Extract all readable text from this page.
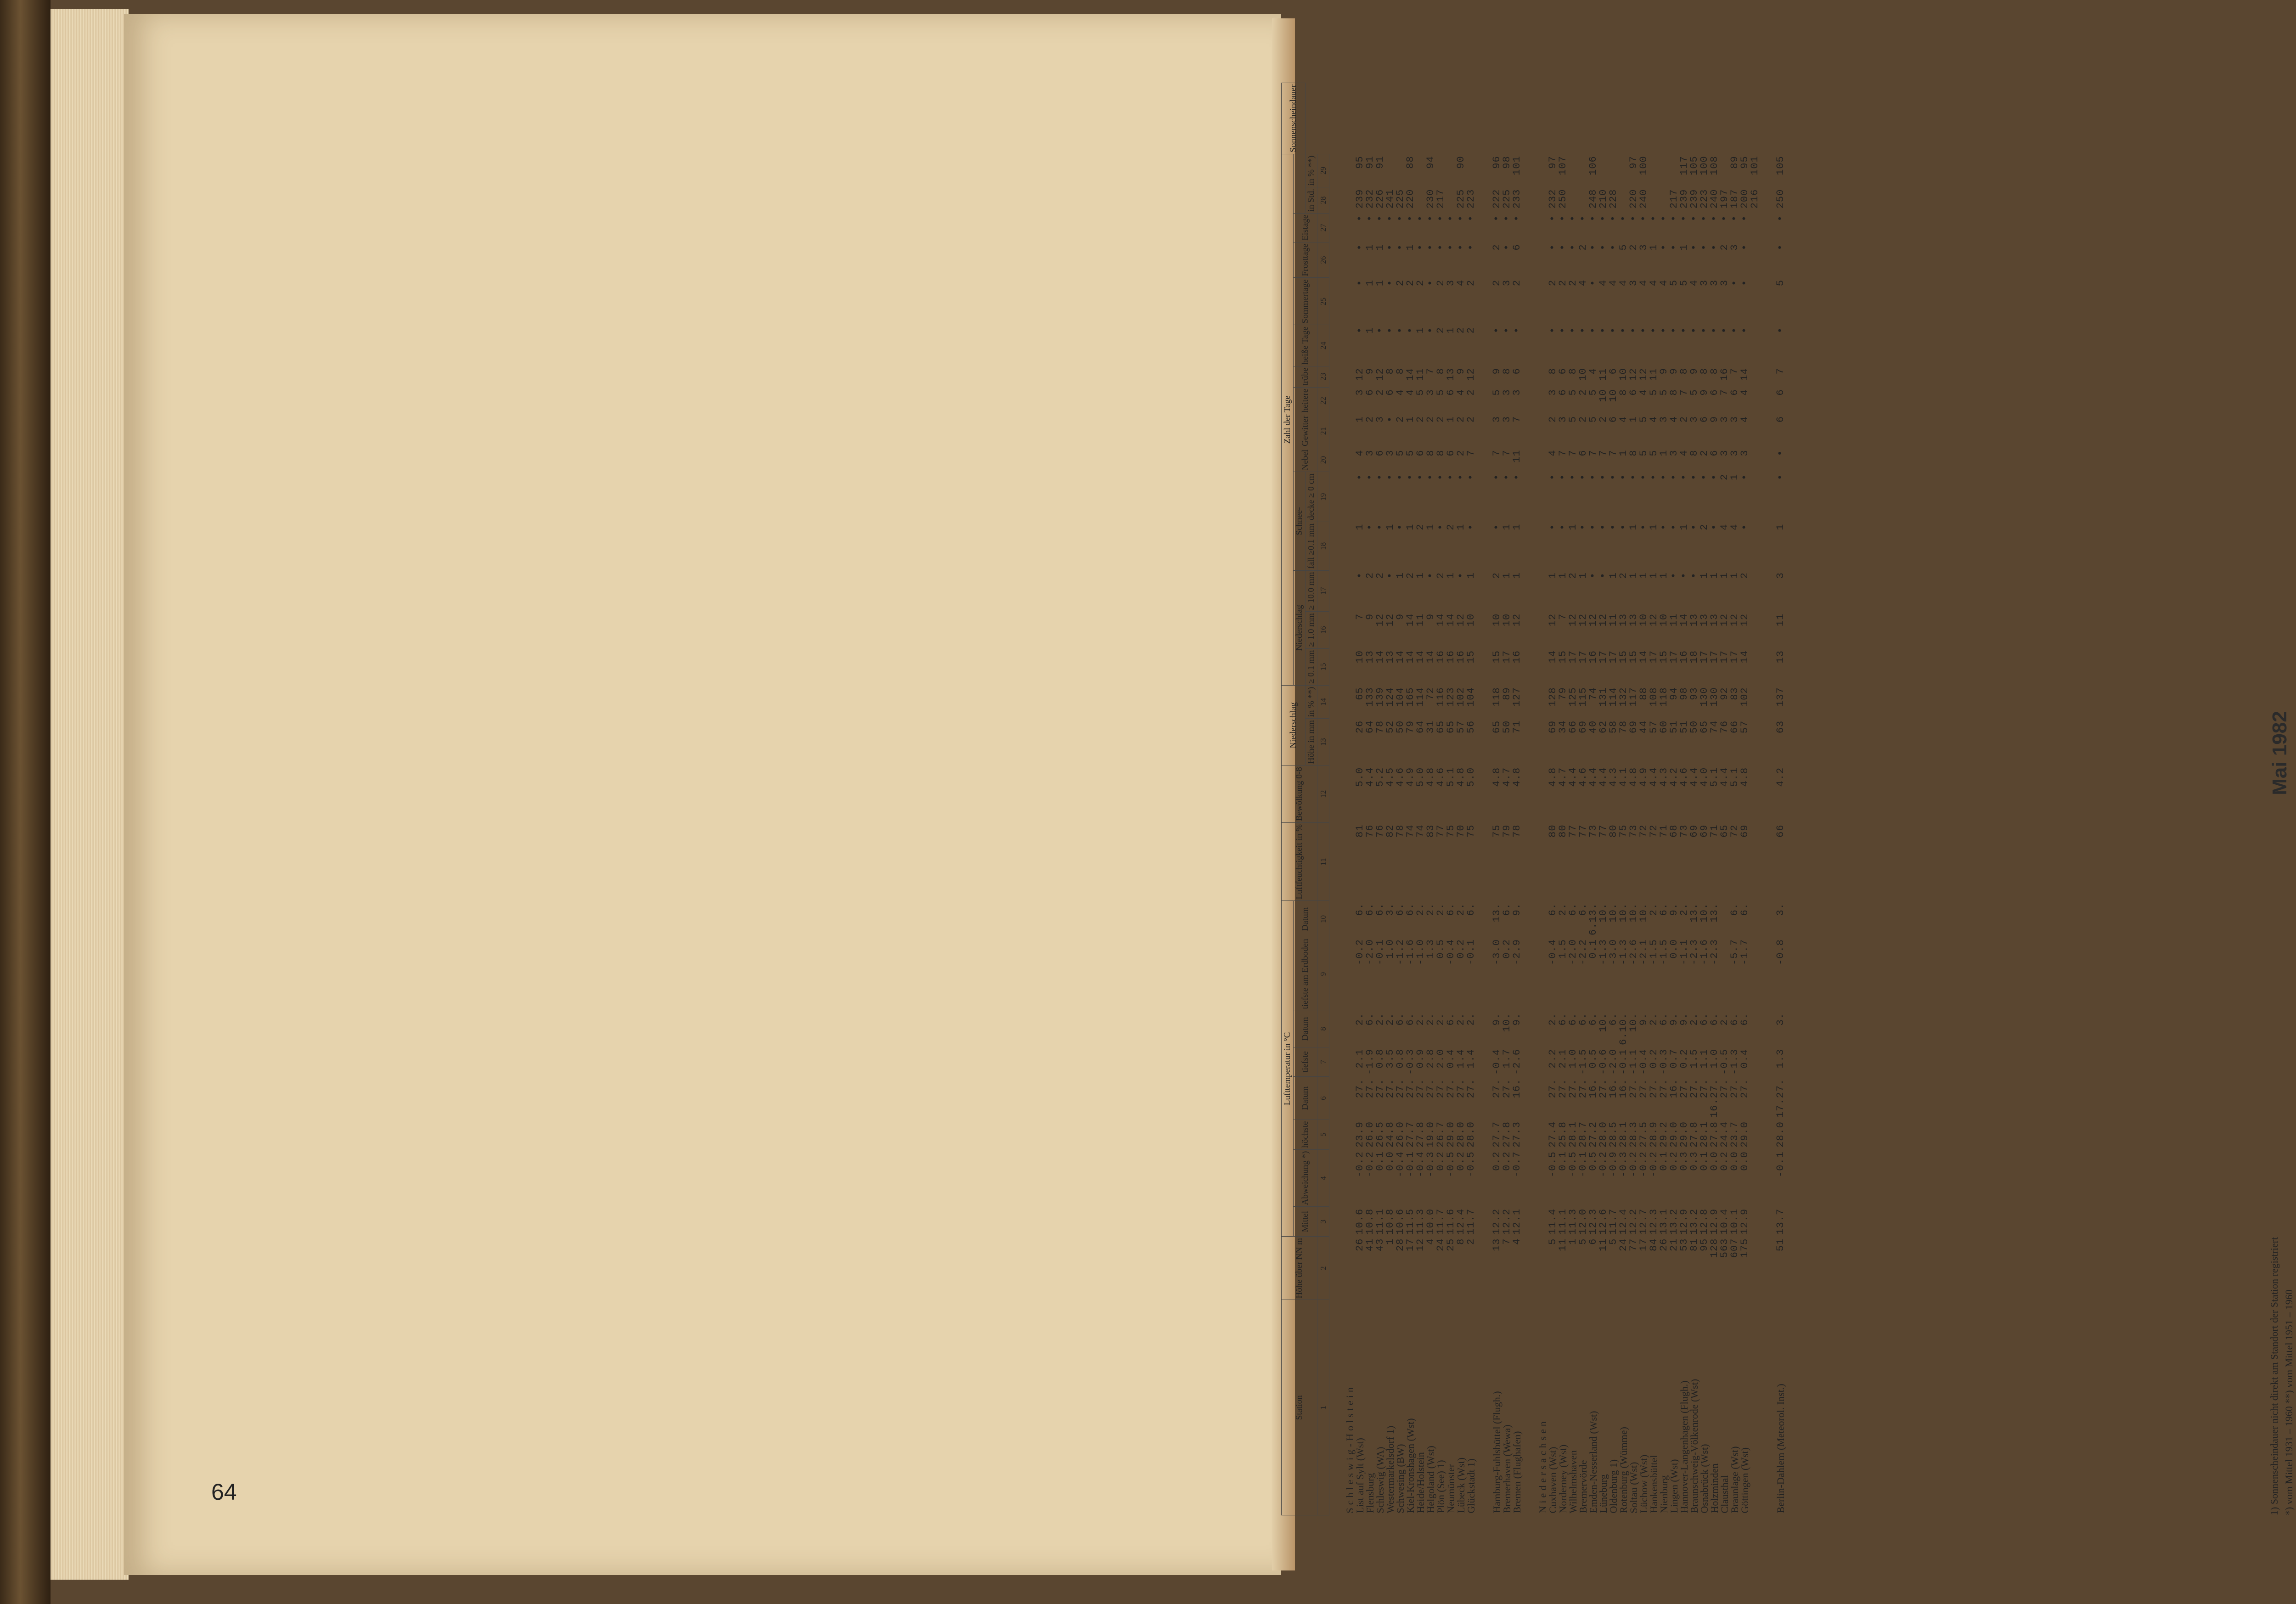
64
Mai 1982
Station	Höhe über NN m	Lufttemperatur in °C								Luftfeuchtigkeit in %	Bewölkung 0-8	Niederschlag		Zahl der Tage															Sonnenscheindauer
		Mittel	Abweichung *)	höchste	Datum	tiefste	Datum	tiefste am Erdboden	Datum					Niederschlag			Schnee-		Nebel	Gewitter	heitere	trübe	heiße Tage	Sommertage	Frosttage	Eistage			
												Höhe in mm	in % **)	≥ 0.1 mm	≥ 1.0 mm	≥ 10.0 mm	fall ≥0.1 mm	decke ≥ 0 cm									in Std.	in % **)	
1	2	3	4	5	6	7	8	9	10	11	12	13	14	15	16	17	18	19	20	21	22	23	24	25	26	27	28	29	

Schleswig-Holstein																													
List auf Sylt (Wst)	26	10.6	-0.2	23.9	27.	2.1	2.	-0.2	6.	81	5.0	26	65	10	7	•	1	•	4	1	3	12	•	•	•	•	239	95	
Flensburg	41	10.8	-0.2	26.0	27.	-1.9	6.	-2.0	6.	76	4.4	64	133	13	9	2	•	•	3	2	6	9	1	1	1	•	232	91	
Schleswig (WA)	43	11.1	0.1	26.5	27.	0.8	2.	-0.1	6.	76	5.2	78	139	14	12	2	•	•	6	3	2	12	•	1	1	•	226	91	
Westermarkelsdorf 1)	1	10.8	0.0	24.8	27.	3.5	2.	1.0	3.	82	4.5	52	124	13	12	•	1	•	3	•	6	8	•	•	•	•	241		
Schwesing (BW)	28	10.6	-0.4	26.0	27.	0.8	6.	-1.2	6.	78	4.6	50	104	14	9	1	•	•	5	2	4	8	•	2	•	•	225		
Kiel-Kronshagen (Wst)	17	11.5	-0.1	27.7	27.	-0.3	6.	-1.6	6.	74	4.9	79	165	14	14	2	1	•	5	1	4	14	•	2	1	•	220	88	
Heide/Holstein	12	11.3	-0.4	27.8	27.	0.9	2.	-1.0	2.	74	5.0	64	114	14	11	1	2	•	6	2	5	11	1	2	•	•			
Helgoland (Wst)	4	10.0	-0.3	19.0	27.	2.8	2.	1.3	2.	83	4.8	31	72	14	9	•	1	•	8	2	3	7	•	•	•	•	230	94	
Plön (See) 1)	24	11.7	0.2	26.7	27.	2.0	2.	0.5	2.	77	4.6	65	116	16	14	2	•	•	8	2	5	8	2	2	•	•	217		
Neumünster	25	11.6	-0.5	29.0	27.	0.4	6.	-0.4	6.	75	5.1	65	123	16	14	1	2	•	6	1	6	13	1	3	•	•			
Lübeck (Wst)	8	12.4	0.2	28.0	27.	1.4	2.	0.2	2.	70	4.8	57	102	16	12	•	1	•	2	2	4	9	2	4	•	•	225	90	
Glückstadt 1)	2	11.7	-0.5	28.0	27.	1.4	2.	-0.1	6.	75	5.0	56	104	15	10	1	•	•	7	2	2	12	2	2	•	•	223		

Hamburg-Fuhlsbüttel (Flugh.)	13	12.2	0.2	27.7	27.	-0.4	9.	-3.0	13.	75	4.8	65	118	15	10	2	•	•	7	3	5	9	•	2	2	•	222	96	
Bremerhaven (Wewa)	7	12.2	0.2	27.8	27.	1.7	10.	0.2	6.	79	4.7	50	89	17	10	1	1	•	7	3	3	8	•	3	•	•	225	98	
Bremen (Flughafen)	4	12.1	-0.7	27.3	16.	-2.6	9.	-2.9	9.	78	4.8	71	127	16	12	1	1	•	11	7	3	6	•	2	6	•	233	101	

Niedersachsen																													
Cuxhaven (Wst)	5	11.4	-0.5	27.4	27.	2.2	2.	-0.4	6.	80	4.8	69	128	14	12	1	•	•	4	2	3	8	•	2	•	•	232	97	
Norderney (Wst)	11	11.1	0.1	25.8	27.	2.1	6.	1.5	2.	80	4.7	34	79	15	7	1	•	•	7	3	6	6	•	2	•	•	250	107	
Wilhelmshaven	1	11.3	-0.5	28.1	27.	1.0	6.	-2.0	6.	77	4.4	66	125	17	12	2	1	•	7	5	5	8	•	2	•	•			
Bremervörde	5	12.0	-0.1	28.7	27.	-1.5	6.	-2.2	6.	77	4.6	69	115	17	12	1	•	•	6	2	2	10	•	4	2	•			
Emden-Nesserland (Wst)	6	12.3	0.5	27.2	16.	0.5	6.	0.1	6.13.	73	4.4	40	74	16	12	•	•	•	7	5	5	4	•	•	•	•	248	106	
Lüneburg	11	12.6	-0.2	28.0	27.	-0.6	10.	-1.3	10.	77	4.4	62	131	17	12	•	•	•	7	2	10	11	•	4	•	•	210		
Oldenburg 1)	5	11.7	-0.9	28.5	16.	-2.0	6.	-3.0	10.	80	4.3	58	114	17	11	1	•	•	7	6	10	6	•	4	•	•	228		
Rotenburg (Wümme)	24	12.4	-0.3	28.1	16.	-0.1	6.10.	-1.3	10.	75	4.1	78	132	15	13	2	•	•	1	4	8	10	•	4	5	•			
Soltau (Wst)	77	12.2	-0.2	28.3	27.	-1.1	10.	-2.6	10.	73	4.8	69	117	15	13	1	1	•	8	1	6	12	•	3	2	•	220	97	
Lüchow (Wst)	17	12.7	-0.2	27.5	27.	-0.4	9.	-2.1	10.	72	4.9	44	88	14	10	1	•	•	5	5	4	12	•	4	3	•	240	100	
Hankensbüttel	84	12.3	-0.2	28.9	27.	0.2	2.	-1.5	2.	72	4.4	57	108	17	12	1	1	•	5	4	5	11	•	4	1	•			
Nienburg	26	13.1	0.1	29.2	27.	-0.3	6.	-1.5	6.	71	4.3	60	118	15	10	1	•	•	1	3	5	9	•	4	•	•			
Lingen (Wst)	21	13.2	0.2	29.0	16.	0.7	9.	0.0	9.	68	4.2	51	94	17	11	•	•	•	3	4	8	9	•	5	•	•	217		
Hannover-Langenhagen (Flugh.)	53	12.9	0.3	29.0	27.	0.2	9.	-1.1	2.	73	4.6	51	98	16	14	•	1	•	4	2	7	8	•	5	1	•	239	117	
Braunschweig-Völkenrode (Wst)	81	13.2	0.3	27.8	27.	1.5	2.	-2.3	13.	69	4.4	50	93	18	13	•	•	•	8	3	5	9	•	4	•	•	239	105	
Osnabrück (Wst)	95	12.8	0.1	28.1	27.	1.1	6.	-1.6	10.	69	4.0	65	130	17	13	1	2	•	2	6	9	8	•	3	•	•	223	100	
Holzminden	128	12.9	0.0	27.8	16.27.	1.0	6.	-2.3	13.	71	5.1	74	130	17	13	1	•	•	6	9	6	8	•	3	•	•	240	108	
Clausthal	563	10.4	0.2	24.4	27.	-0.5	2.			65	4.4	76	92	17	12	1	4	2	3	3	7	16	•	3	2	•	197		
Braunlage (Wst)	607	10.1	0.0	23.7	27.	-1.3	6.	-5.7	6.	72	5.1	66	83	17	12	1	4	1	3	3	6	7	•	•	3	•	187	89	
Göttingen (Wst)	175	12.9	0.0	29.0	27.	0.4	6.	-1.7	6.	69	4.8	57	102	14	12	2	•	•	3	4	4	14	•	•	•	•	200	95	
																											216	101	

Berlin-Dahlem (Meteorol. Inst.)	51	13.7	-0.1	28.0	17.27.	1.3	3.	-0.8	3.	66	4.2	63	137	13	11	3	1	•	•	6	6	7	•	5	•	•	250	105	
1) Sonnenscheindauer nicht direkt am Standort der Station registriert *) vom Mittel 1931 – 1960 **) vom Mittel 1951 – 1960
